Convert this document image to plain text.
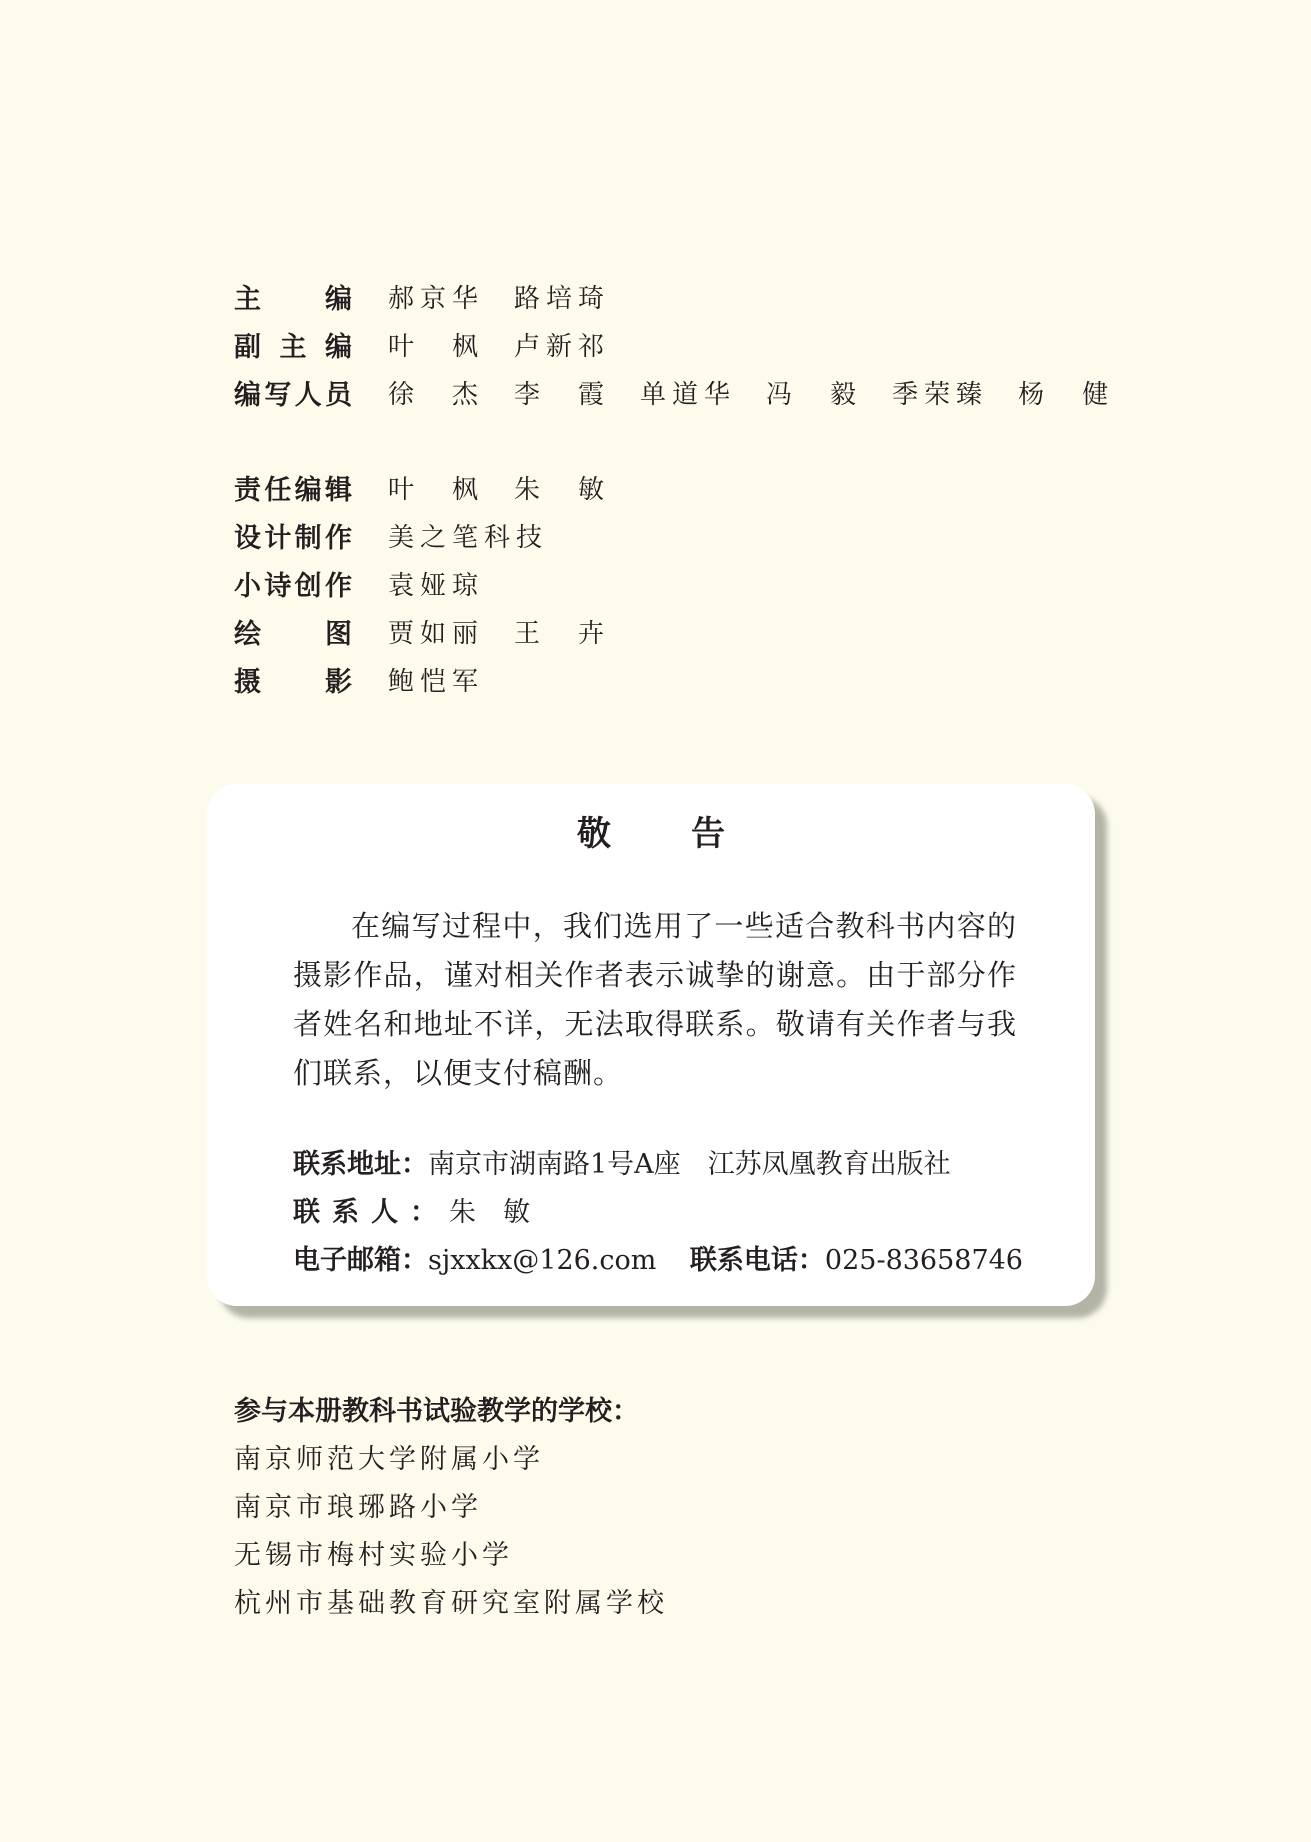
主编 郝京华 路培琦
副主编 叶　枫 卢新祁
编写人员 徐　杰 李　霞 单道华 冯　毅 季荣臻 杨　健
责任编辑 叶　枫 朱　敏
设计制作 美之笔科技
小诗创作 袁娅琼
绘图 贾如丽 王　卉
摄影 鲍恺军
敬告
在编写过程中，我们选用了一些适合教科书内容的摄影作品，谨对相关作者表示诚挚的谢意。由于部分作者姓名和地址不详，无法取得联系。敬请有关作者与我们联系，以便支付稿酬。
联系地址：南京市湖南路1号A座　江苏凤凰教育出版社
联系人：朱　敏
电子邮箱：sjxxkx@126.com 联系电话：025-83658746
参与本册教科书试验教学的学校：
南京师范大学附属小学
南京市琅琊路小学
无锡市梅村实验小学
杭州市基础教育研究室附属学校
